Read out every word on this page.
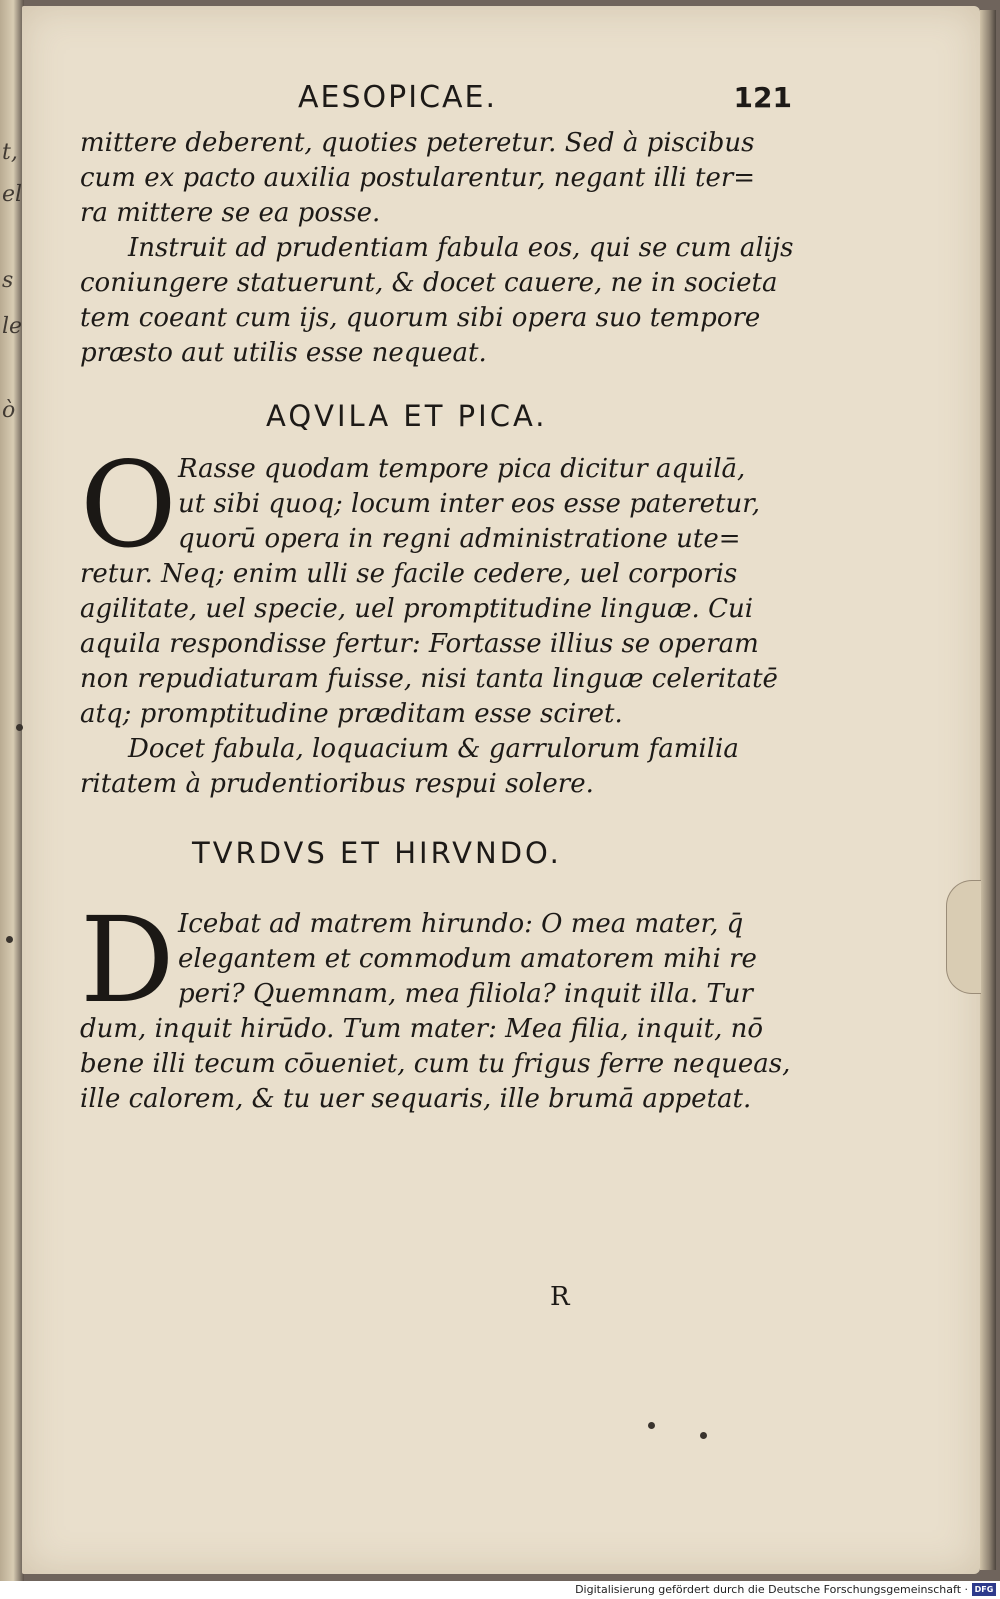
t,
el
s
le
ò
AESOPICAE.	121
mittere deberent, quoties peteretur. Sed à piscibus
cum ex pacto auxilia postularentur, negant illi ter=
ra mittere se ea posse.
Instruit ad prudentiam fabula eos, qui se cum alijs
coniungere statuerunt, & docet cauere, ne in societa
tem coeant cum ijs, quorum sibi opera suo tempore
præsto aut utilis esse nequeat.
AQVILA ET PICA.
O Rasse quodam tempore pica dicitur aquilā,
ut sibi quoq; locum inter eos esse pateretur,
quorū opera in regni administratione ute=
retur. Neq; enim ulli se facile cedere, uel corporis
agilitate, uel specie, uel promptitudine linguæ. Cui
aquila respondisse fertur: Fortasse illius se operam
non repudiaturam fuisse, nisi tanta linguæ celeritatē
atq; promptitudine præditam esse sciret.
Docet fabula, loquacium & garrulorum familia
ritatem à prudentioribus respui solere.
TVRDVS ET HIRVNDO.
D Icebat ad matrem hirundo: O mea mater, q̄
elegantem et commodum amatorem mihi re
peri? Quemnam, mea filiola? inquit illa. Tur
dum, inquit hirūdo. Tum mater: Mea filia, inquit, nō
bene illi tecum cōueniet, cum tu frigus ferre nequeas,
ille calorem, & tu uer sequaris, ille brumā appetat.
R
Digitalisierung gefördert durch die Deutsche Forschungsgemeinschaft · DFG
